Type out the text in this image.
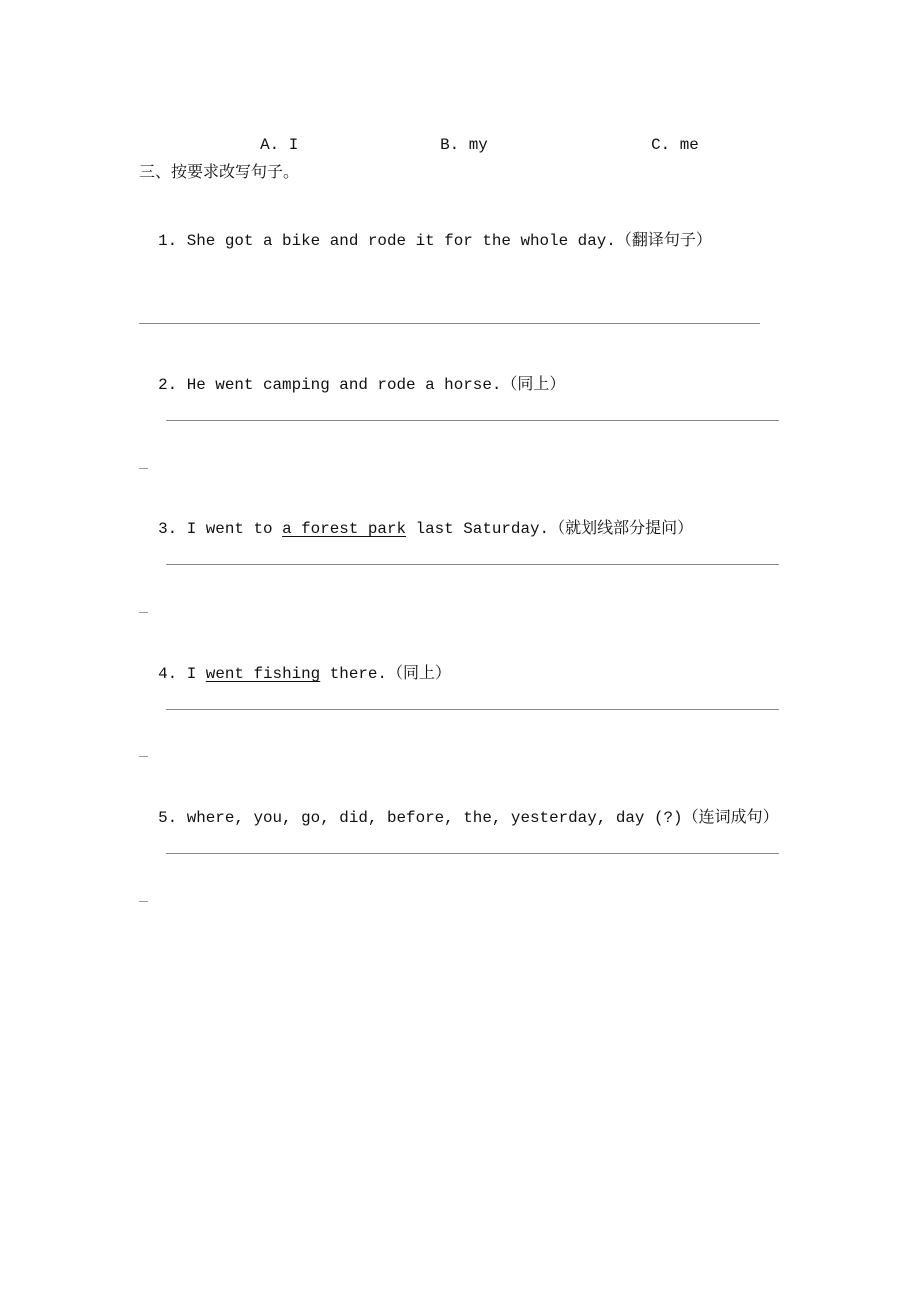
A. I	B. my	C. me

三、按要求改写句子。

1. She got a bike and rode it for the whole day.（翻译句子）

2. He went camping and rode a horse.（同上）

3. I went to a forest park last Saturday.（就划线部分提问）

4. I went fishing there.（同上）

5. where, you, go, did, before, the, yesterday, day (?)（连词成句）
